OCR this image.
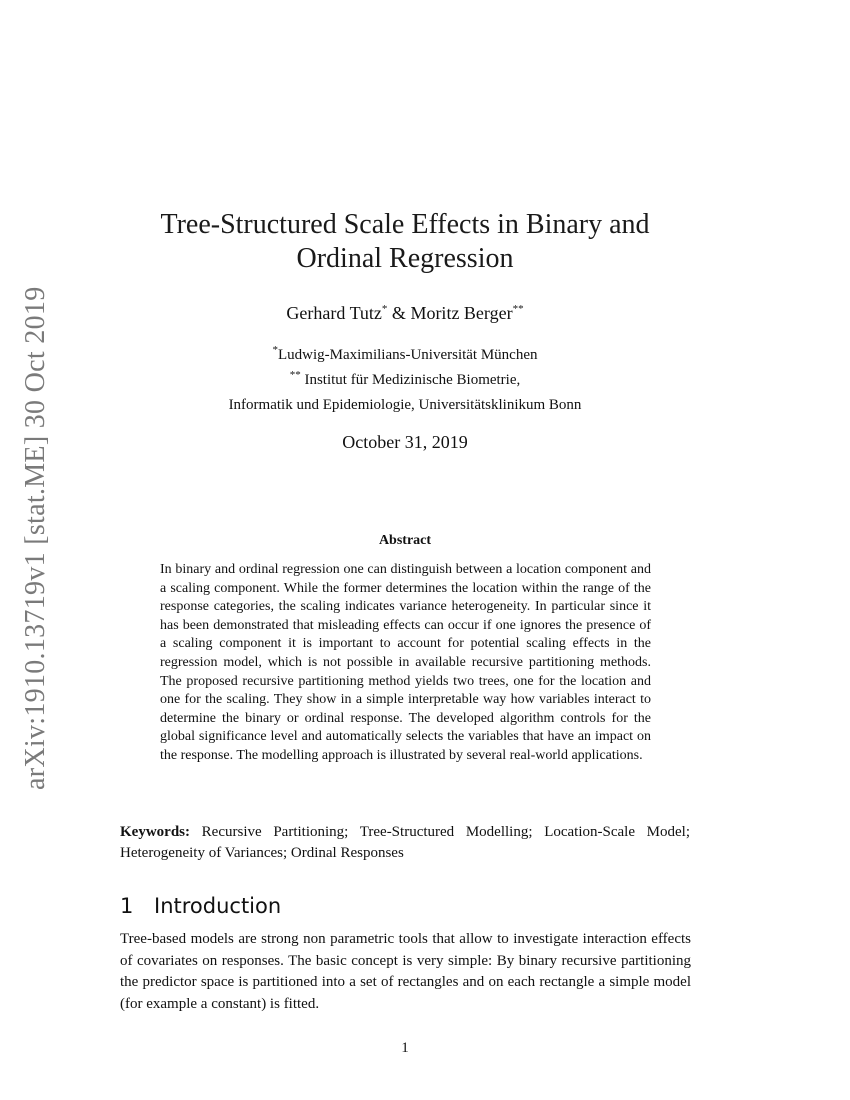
arXiv:1910.13719v1 [stat.ME] 30 Oct 2019
Tree-Structured Scale Effects in Binary and
Ordinal Regression
Gerhard Tutz* & Moritz Berger**
*Ludwig-Maximilians-Universität München
** Institut für Medizinische Biometrie,
Informatik und Epidemiologie, Universitätsklinikum Bonn
October 31, 2019
Abstract
In binary and ordinal regression one can distinguish between a location component and a scaling component. While the former determines the location within the range of the response categories, the scaling indicates variance heterogeneity. In particular since it has been demonstrated that misleading effects can occur if one ignores the presence of a scaling component it is important to account for potential scaling effects in the regression model, which is not possible in available recursive partitioning methods. The proposed recursive partitioning method yields two trees, one for the location and one for the scaling. They show in a simple interpretable way how variables interact to determine the binary or ordinal response. The developed algorithm controls for the global significance level and automatically selects the variables that have an impact on the response. The modelling approach is illustrated by several real-world applications.
Keywords: Recursive Partitioning; Tree-Structured Modelling; Location-Scale Model; Heterogeneity of Variances; Ordinal Responses
1 Introduction
Tree-based models are strong non parametric tools that allow to investigate interaction effects of covariates on responses. The basic concept is very simple: By binary recursive partitioning the predictor space is partitioned into a set of rectangles and on each rectangle a simple model (for example a constant) is fitted.
1
